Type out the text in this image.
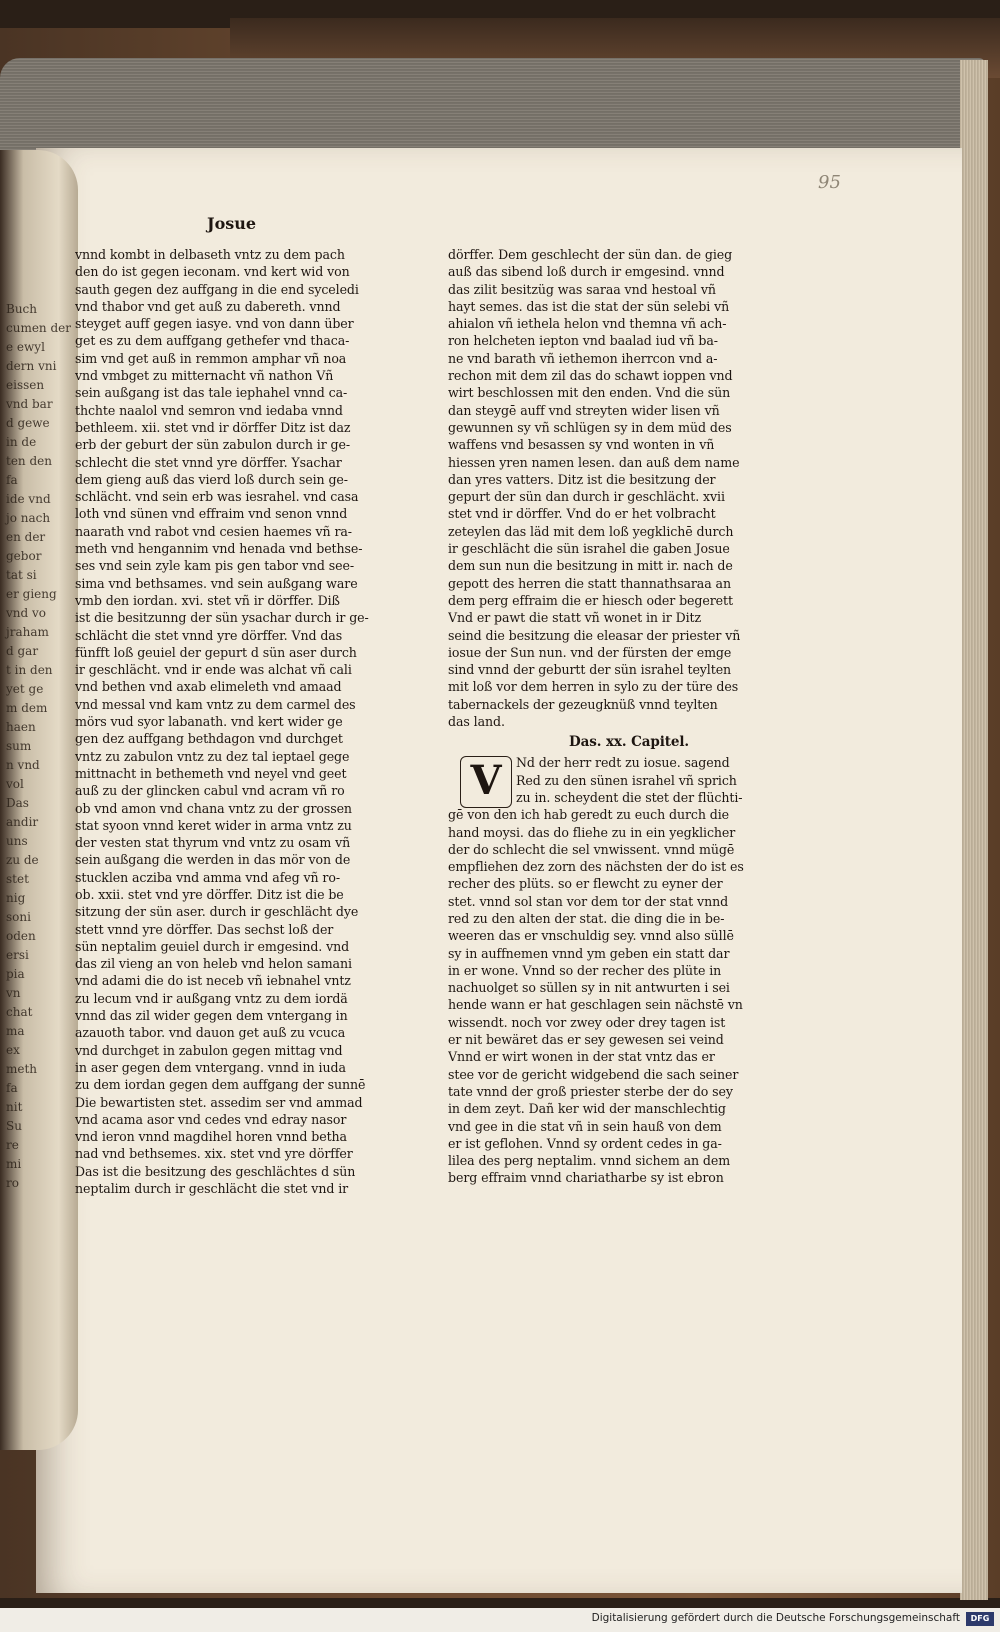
Buch
cumen der
e ewyl
dern vni
eissen
vnd bar
d gewe
in de
ten den
fa
ide vnd
jo nach
en der
gebor
tat si
er gieng
vnd vo
jraham
d gar
t in den
yet ge
m dem
haen
sum
n vnd
vol
Das
andir
uns
zu de
stet
nig
soni
oden
ersi
pia
vn
chat
ma
ex
meth
fa
nit
Su
re
mi
ro
95
Josue
vnnd kombt in delbaseth vntz zu dem pach
den do ist gegen ieconam. vnd kert wid von
sauth gegen dez auffgang in die end syceledi
vnd thabor vnd get auß zu dabereth. vnnd
steyget auff gegen iasye. vnd von dann über
get es zu dem auffgang gethefer vnd thaca-
sim vnd get auß in remmon amphar vñ noa
vnd vmbget zu mitternacht vñ nathon Vñ
sein außgang ist das tale iephahel vnnd ca-
thchte naalol vnd semron vnd iedaba vnnd
bethleem. xii. stet vnd ir dörffer Ditz ist daz
erb der geburt der sün zabulon durch ir ge-
schlecht die stet vnnd yre dörffer. Ysachar
dem gieng auß das vierd loß durch sein ge-
schlächt. vnd sein erb was iesrahel. vnd casa
loth vnd sünen vnd effraim vnd senon vnnd
naarath vnd rabot vnd cesien haemes vñ ra-
meth vnd hengannim vnd henada vnd bethse-
ses vnd sein zyle kam pis gen tabor vnd see-
sima vnd bethsames. vnd sein außgang ware
vmb den iordan. xvi. stet vñ ir dörffer. Diß
ist die besitzunng der sün ysachar durch ir ge-
schlächt die stet vnnd yre dörffer. Vnd das
fünfft loß geuiel der gepurt d sün aser durch
ir geschlächt. vnd ir ende was alchat vñ cali
vnd bethen vnd axab elimeleth vnd amaad
vnd messal vnd kam vntz zu dem carmel des
mörs vud syor labanath. vnd kert wider ge
gen dez auffgang bethdagon vnd durchget
vntz zu zabulon vntz zu dez tal ieptael gege
mittnacht in bethemeth vnd neyel vnd geet
auß zu der glincken cabul vnd acram vñ ro
ob vnd amon vnd chana vntz zu der grossen
stat syoon vnnd keret wider in arma vntz zu
der vesten stat thyrum vnd vntz zu osam vñ
sein außgang die werden in das mör von de
stucklen acziba vnd amma vnd afeg vñ ro-
ob. xxii. stet vnd yre dörffer. Ditz ist die be
sitzung der sün aser. durch ir geschlächt dye
stett vnnd yre dörffer. Das sechst loß der
sün neptalim geuiel durch ir emgesind. vnd
das zil vieng an von heleb vnd helon samani
vnd adami die do ist neceb vñ iebnahel vntz
zu lecum vnd ir außgang vntz zu dem iordä
vnnd das zil wider gegen dem vntergang in
azauoth tabor. vnd dauon get auß zu vcuca
vnd durchget in zabulon gegen mittag vnd
in aser gegen dem vntergang. vnnd in iuda
zu dem iordan gegen dem auffgang der sunnē
Die bewartisten stet. assedim ser vnd ammad
vnd acama asor vnd cedes vnd edray nasor
vnd ieron vnnd magdihel horen vnnd betha
nad vnd bethsemes. xix. stet vnd yre dörffer
Das ist die besitzung des geschlächtes d sün
neptalim durch ir geschlächt die stet vnd ir
dörffer. Dem geschlecht der sün dan. de gieg
auß das sibend loß durch ir emgesind. vnnd
das zilit besitzüg was saraa vnd hestoal vñ
hayt semes. das ist die stat der sün selebi vñ
ahialon vñ iethela helon vnd themna vñ ach-
ron helcheten iepton vnd baalad iud vñ ba-
ne vnd barath vñ iethemon iherrcon vnd a-
rechon mit dem zil das do schawt ioppen vnd
wirt beschlossen mit den enden. Vnd die sün
dan steygē auff vnd streyten wider lisen vñ
gewunnen sy vñ schlügen sy in dem müd des
waffens vnd besassen sy vnd wonten in vñ
hiessen yren namen lesen. dan auß dem name
dan yres vatters. Ditz ist die besitzung der
gepurt der sün dan durch ir geschlächt. xvii
stet vnd ir dörffer. Vnd do er het volbracht
zeteylen das läd mit dem loß yegklichē durch
ir geschlächt die sün israhel die gaben Josue
dem sun nun die besitzung in mitt ir. nach de
gepott des herren die statt thannathsaraa an
dem perg effraim die er hiesch oder begerett
Vnd er pawt die statt vñ wonet in ir Ditz
seind die besitzung die eleasar der priester vñ
iosue der Sun nun. vnd der fürsten der emge
sind vnnd der geburtt der sün israhel teylten
mit loß vor dem herren in sylo zu der türe des
tabernackels der gezeugknüß vnnd teylten
das land.
Das. xx. Capitel.
V	Nd der herr redt zu iosue. sagend
Red zu den sünen israhel vñ sprich
zu in. scheydent die stet der flüchti-
gē von den ich hab geredt zu euch durch die
hand moysi. das do fliehe zu in ein yegklicher
der do schlecht die sel vnwissent. vnnd mügē
empfliehen dez zorn des nächsten der do ist es
recher des plüts. so er flewcht zu eyner der
stet. vnnd sol stan vor dem tor der stat vnnd
red zu den alten der stat. die ding die in be-
weeren das er vnschuldig sey. vnnd also süllē
sy in auffnemen vnnd ym geben ein statt dar
in er wone. Vnnd so der recher des plüte in
nachuolget so süllen sy in nit antwurten i sei
hende wann er hat geschlagen sein nächstē vn
wissendt. noch vor zwey oder drey tagen ist
er nit bewäret das er sey gewesen sei veind
Vnnd er wirt wonen in der stat vntz das er
stee vor de gericht widgebend die sach seiner
tate vnnd der groß priester sterbe der do sey
in dem zeyt. Dañ ker wid der manschlechtig
vnd gee in die stat vñ in sein hauß von dem
er ist geflohen. Vnnd sy ordent cedes in ga-
lilea des perg neptalim. vnnd sichem an dem
berg effraim vnnd chariatharbe sy ist ebron
Digitalisierung gefördert durch die Deutsche Forschungsgemeinschaft	DFG
